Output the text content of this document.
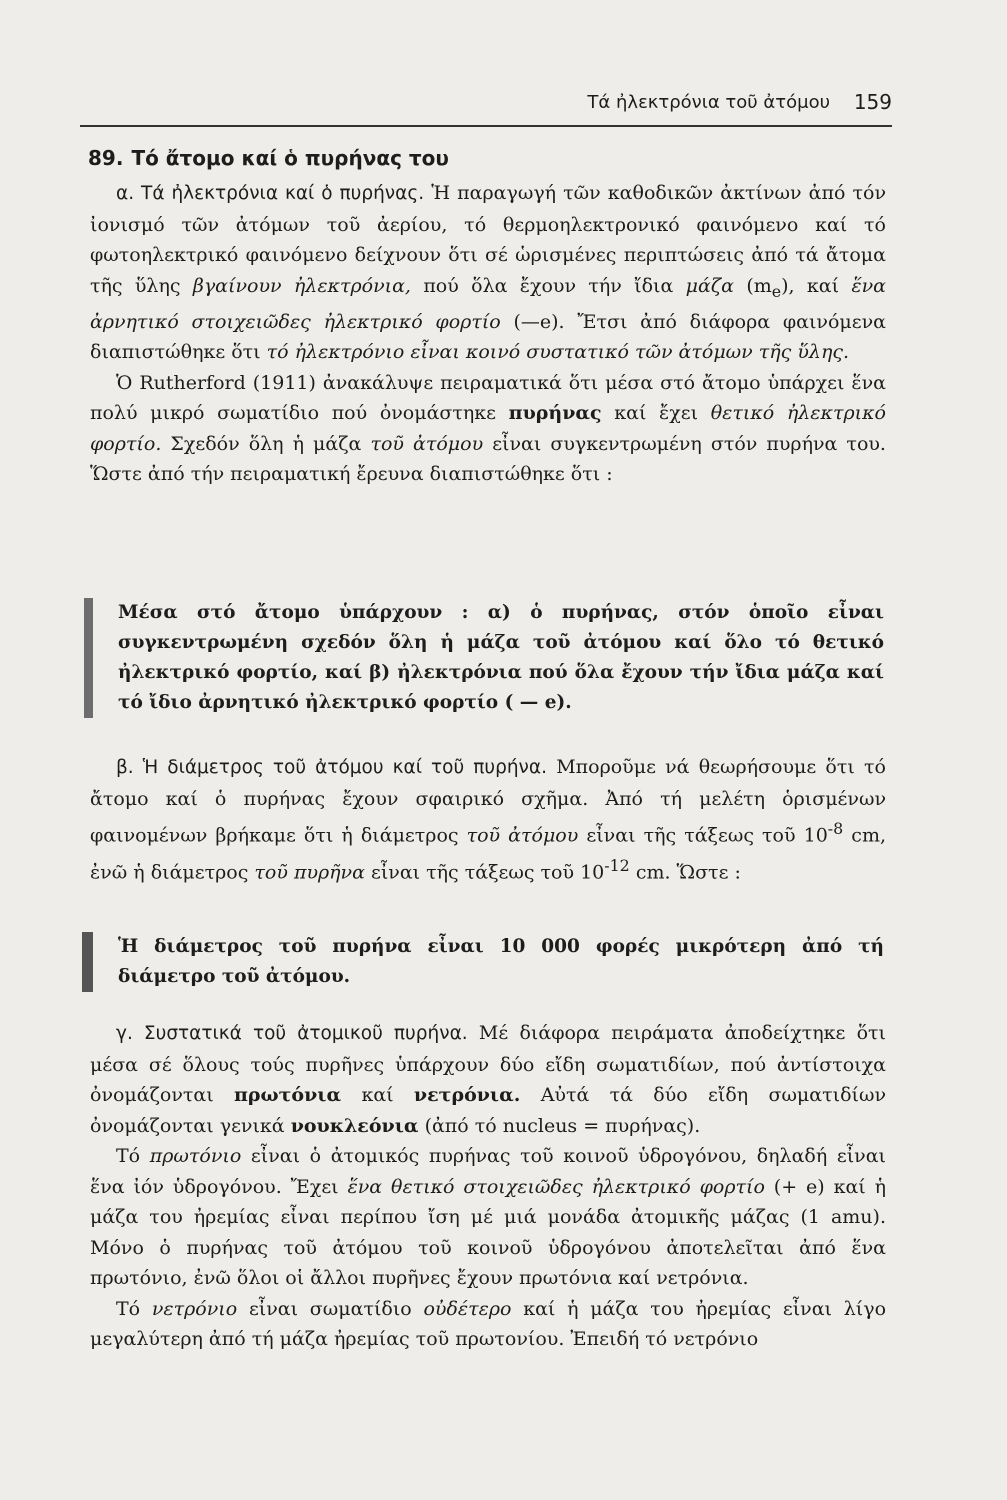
Τά ἠλεκτρόνια τοῦ ἀτόμου 159
89. Τό ἄτομο καί ὁ πυρήνας του

α. Τά ἠλεκτρόνια καί ὁ πυρήνας. Ἡ παραγωγή τῶν καθοδικῶν ἀκτίνων ἀπό τόν ἰονισμό τῶν ἀτόμων τοῦ ἀερίου, τό θερμοηλεκτρονικό φαινόμενο καί τό φωτοηλεκτρικό φαινόμενο δείχνουν ὅτι σέ ὡρισμένες περιπτώσεις ἀπό τά ἄτομα τῆς ὕλης βγαίνουν ἠλεκτρόνια, πού ὅλα ἔχουν τήν ἴδια μάζα $(m_e)$, καί ἕνα ἀρνητικό στοιχειῶδες ἠλεκτρικό φορτίο (—e). Ἔτσι ἀπό διάφορα φαινόμενα διαπιστώθηκε ὅτι τό ἠλεκτρόνιο εἶναι κοινό συστατικό τῶν ἀτόμων τῆς ὕλης.

Ὁ Rutherford (1911) ἀνακάλυψε πειραματικά ὅτι μέσα στό ἄτομο ὑπάρχει ἕνα πολύ μικρό σωματίδιο πού ὀνομάστηκε πυρήνας καί ἔχει θετικό ἠλεκτρικό φορτίο. Σχεδόν ὅλη ἡ μάζα τοῦ ἀτόμου εἶναι συγκεντρωμένη στόν πυρήνα του. Ὥστε ἀπό τήν πειραματική ἔρευνα διαπιστώθηκε ὅτι :

Μέσα στό ἄτομο ὑπάρχουν : α) ὁ πυρήνας, στόν ὁποῖο εἶναι συγκεντρωμένη σχεδόν ὅλη ἡ μάζα τοῦ ἀτόμου καί ὅλο τό θετικό ἠλεκτρικό φορτίο, καί β) ἠλεκτρόνια πού ὅλα ἔχουν τήν ἴδια μάζα καί τό ἴδιο ἀρνητικό ἠλεκτρικό φορτίο ( — e).

β. Ἡ διάμετρος τοῦ ἀτόμου καί τοῦ πυρήνα. Μποροῦμε νά θεωρήσουμε ὅτι τό ἄτομο καί ὁ πυρήνας ἔχουν σφαιρικό σχῆμα. Ἀπό τή μελέτη ὁρισμένων φαινομένων βρήκαμε ὅτι ἡ διάμετρος τοῦ ἀτόμου εἶναι τῆς τάξεως τοῦ $10^{-8}$ cm, ἐνῶ ἡ διάμετρος τοῦ πυρῆνα εἶναι τῆς τάξεως τοῦ $10^{-12}$ cm. Ὥστε :

Ἡ διάμετρος τοῦ πυρήνα εἶναι 10 000 φορές μικρότερη ἀπό τή διάμετρο τοῦ ἀτόμου.

γ. Συστατικά τοῦ ἀτομικοῦ πυρήνα. Μέ διάφορα πειράματα ἀποδείχτηκε ὅτι μέσα σέ ὅλους τούς πυρῆνες ὑπάρχουν δύο εἴδη σωματιδίων, πού ἀντίστοιχα ὀνομάζονται πρωτόνια καί νετρόνια. Αὐτά τά δύο εἴδη σωματιδίων ὀνομάζονται γενικά νουκλεόνια (ἀπό τό nucleus = πυρήνας).

Τό πρωτόνιο εἶναι ὁ ἀτομικός πυρήνας τοῦ κοινοῦ ὑδρογόνου, δηλαδή εἶναι ἕνα ἰόν ὑδρογόνου. Ἔχει ἕνα θετικό στοιχειῶδες ἠλεκτρικό φορτίο (+ e) καί ἡ μάζα του ἠρεμίας εἶναι περίπου ἴση μέ μιά μονάδα ἀτομικῆς μάζας (1 amu). Μόνο ὁ πυρήνας τοῦ ἀτόμου τοῦ κοινοῦ ὑδρογόνου ἀποτελεῖται ἀπό ἕνα πρωτόνιο, ἐνῶ ὅλοι οἱ ἄλλοι πυρῆνες ἔχουν πρωτόνια καί νετρόνια.

Τό νετρόνιο εἶναι σωματίδιο οὐδέτερο καί ἡ μάζα του ἠρεμίας εἶναι λίγο μεγαλύτερη ἀπό τή μάζα ἠρεμίας τοῦ πρωτονίου. Ἐπειδή τό νετρόνιο
